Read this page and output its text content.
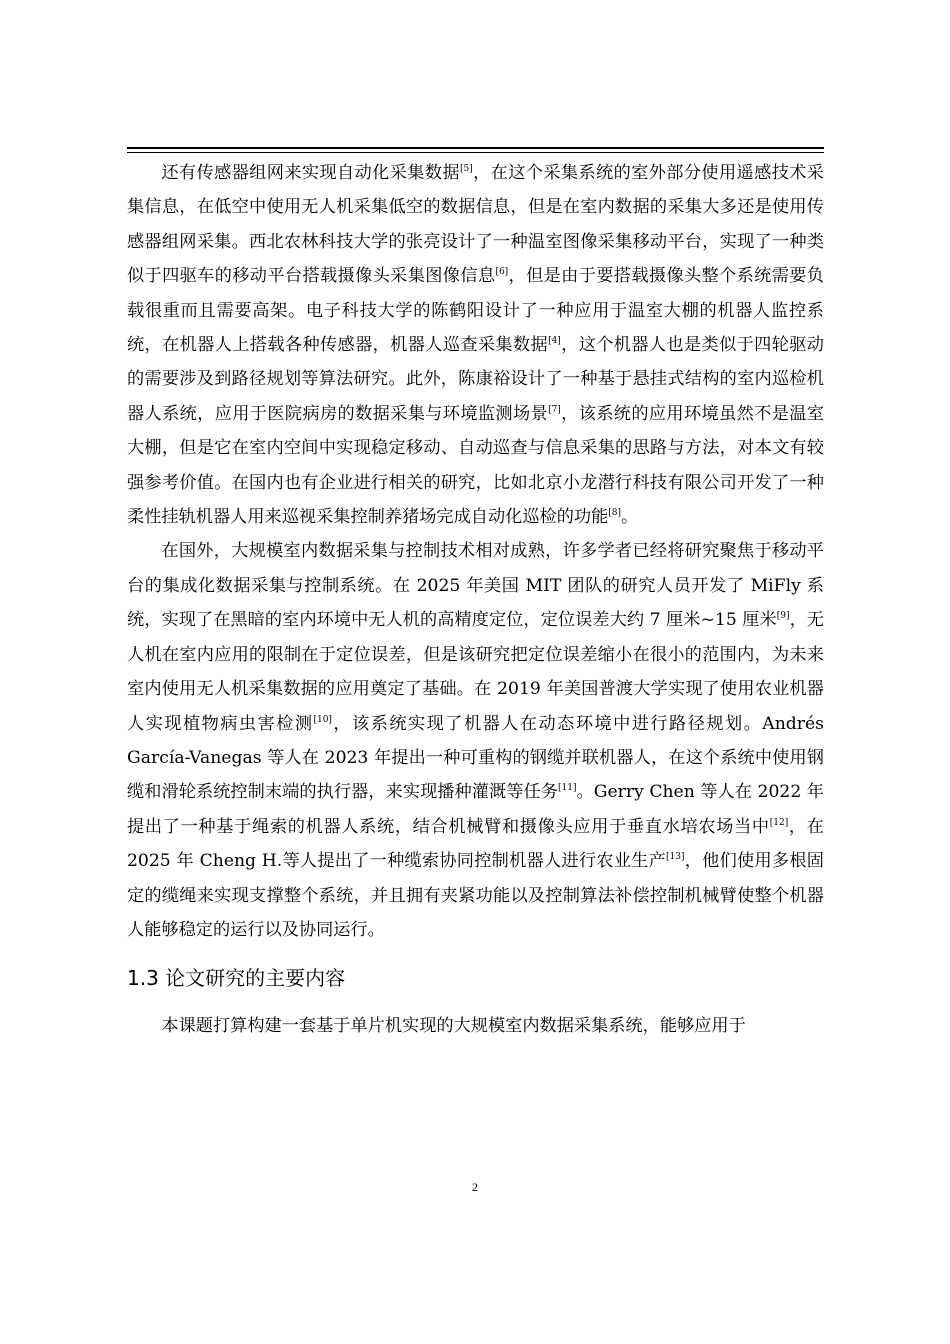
还有传感器组网来实现自动化采集数据[5]，在这个采集系统的室外部分使用遥感技术采集信息，在低空中使用无人机采集低空的数据信息，但是在室内数据的采集大多还是使用传感器组网采集。西北农林科技大学的张亮设计了一种温室图像采集移动平台，实现了一种类似于四驱车的移动平台搭载摄像头采集图像信息[6]，但是由于要搭载摄像头整个系统需要负载很重而且需要高架。电子科技大学的陈鹤阳设计了一种应用于温室大棚的机器人监控系统，在机器人上搭载各种传感器，机器人巡查采集数据[4]，这个机器人也是类似于四轮驱动的需要涉及到路径规划等算法研究。此外，陈康裕设计了一种基于悬挂式结构的室内巡检机器人系统，应用于医院病房的数据采集与环境监测场景[7]，该系统的应用环境虽然不是温室大棚，但是它在室内空间中实现稳定移动、自动巡查与信息采集的思路与方法，对本文有较强参考价值。在国内也有企业进行相关的研究，比如北京小龙潜行科技有限公司开发了一种柔性挂轨机器人用来巡视采集控制养猪场完成自动化巡检的功能[8]。

在国外，大规模室内数据采集与控制技术相对成熟，许多学者已经将研究聚焦于移动平台的集成化数据采集与控制系统。在 2025 年美国 MIT 团队的研究人员开发了 MiFly 系统，实现了在黑暗的室内环境中无人机的高精度定位，定位误差大约 7 厘米~15 厘米[9]，无人机在室内应用的限制在于定位误差，但是该研究把定位误差缩小在很小的范围内，为未来室内使用无人机采集数据的应用奠定了基础。在 2019 年美国普渡大学实现了使用农业机器人实现植物病虫害检测[10]，该系统实现了机器人在动态环境中进行路径规划。Andrés García-Vanegas 等人在 2023 年提出一种可重构的钢缆并联机器人，在这个系统中使用钢缆和滑轮系统控制末端的执行器，来实现播种灌溉等任务[11]。Gerry Chen 等人在 2022 年提出了一种基于绳索的机器人系统，结合机械臂和摄像头应用于垂直水培农场当中[12]，在 2025 年 Cheng H.等人提出了一种缆索协同控制机器人进行农业生产[13]，他们使用多根固定的缆绳来实现支撑整个系统，并且拥有夹紧功能以及控制算法补偿控制机械臂使整个机器人能够稳定的运行以及协同运行。

1.3 论文研究的主要内容

本课题打算构建一套基于单片机实现的大规模室内数据采集系统，能够应用于

2
